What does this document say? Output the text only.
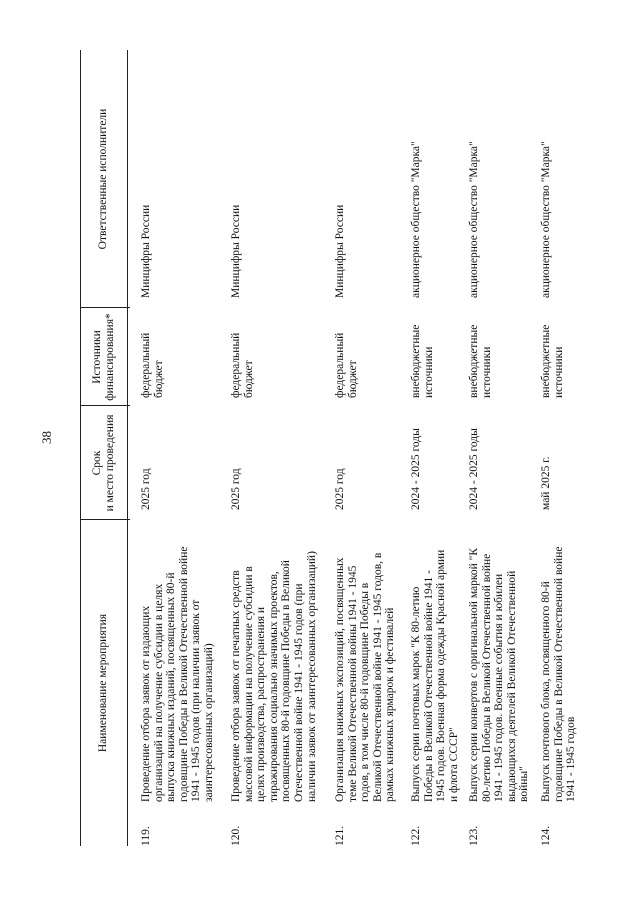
38
Наименование мероприятия
Срок и место проведения
Источники финансирования*
Ответственные исполнители
119.
Проведение отбора заявок от издающих организаций на получение субсидии в целях выпуска книжных изданий, посвященных 80-й годовщине Победы в Великой Отечественной войне 1941 - 1945 годов (при наличии заявок от заинтересованных организаций)
2025 год
федеральный бюджет
Минцифры России
120.
Проведение отбора заявок от печатных средств массовой информации на получение субсидии в целях производства, распространения и тиражирования социально значимых проектов, посвященных 80-й годовщине Победы в Великой Отечественной войне 1941 - 1945 годов (при наличии заявок от заинтересованных организаций)
2025 год
федеральный бюджет
Минцифры России
121.
Организация книжных экспозиций, посвященных теме Великой Отечественной войны 1941 - 1945 годов, в том числе 80-й годовщине Победы в Великой Отечественной войне 1941 - 1945 годов, в рамках книжных ярмарок и фестивалей
2025 год
федеральный бюджет
Минцифры России
122.
Выпуск серии почтовых марок "К 80-летию Победы в Великой Отечественной войне 1941 - 1945 годов. Военная форма одежды Красной армии и флота СССР"
2024 - 2025 годы
внебюджетные источники
акционерное общество "Марка"
123.
Выпуск серии конвертов с оригинальной маркой "К 80-летию Победы в Великой Отечественной войне 1941 - 1945 годов. Военные события и юбилеи выдающихся деятелей Великой Отечественной войны"
2024 - 2025 годы
внебюджетные источники
акционерное общество "Марка"
124.
Выпуск почтового блока, посвященного 80-й годовщине Победы в Великой Отечественной войне 1941 - 1945 годов
май 2025 г.
внебюджетные источники
акционерное общество "Марка"
